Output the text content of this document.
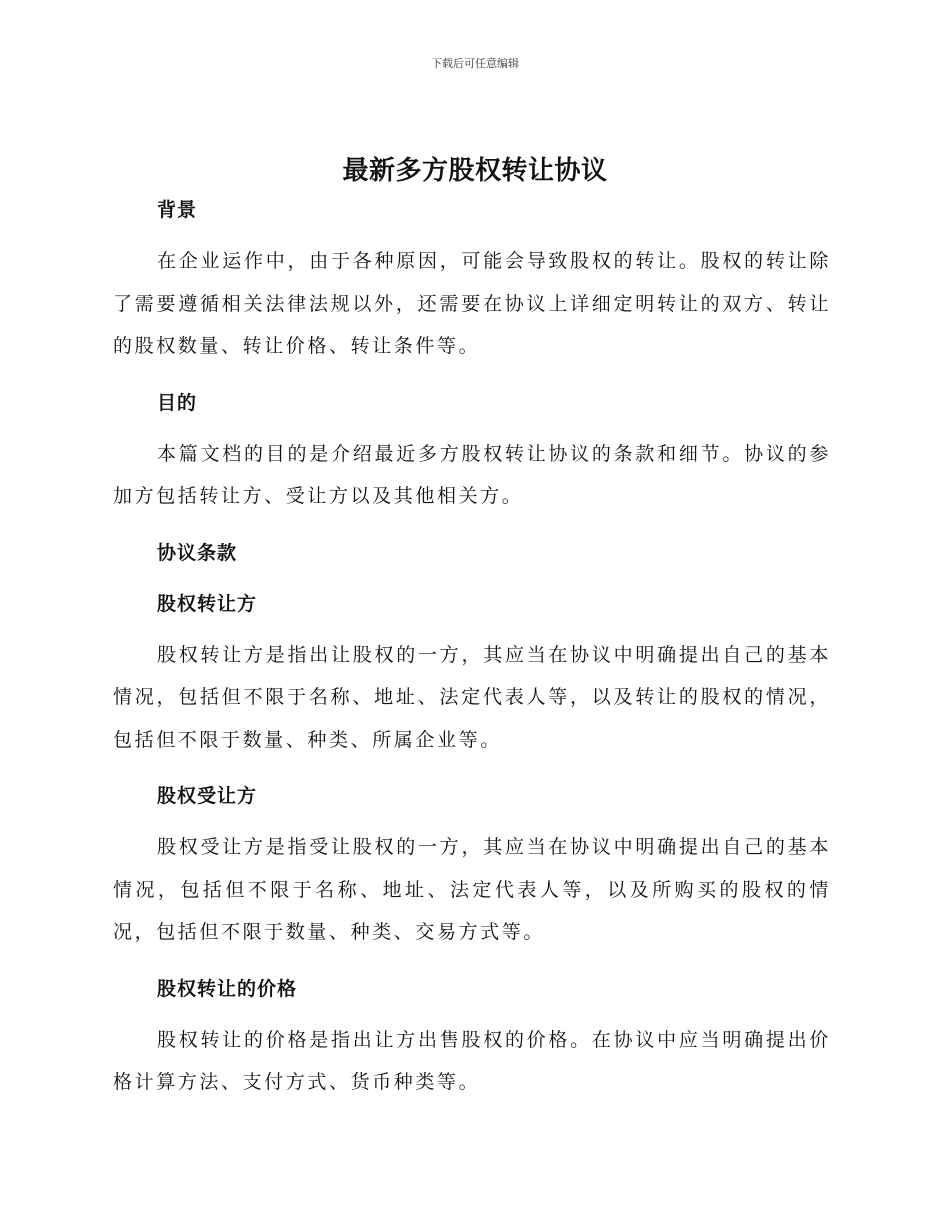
下载后可任意编辑
最新多方股权转让协议
背景

在企业运作中，由于各种原因，可能会导致股权的转让。股权的转让除了需要遵循相关法律法规以外，还需要在协议上详细定明转让的双方、转让的股权数量、转让价格、转让条件等。

目的

本篇文档的目的是介绍最近多方股权转让协议的条款和细节。协议的参加方包括转让方、受让方以及其他相关方。

协议条款
股权转让方

股权转让方是指出让股权的一方，其应当在协议中明确提出自己的基本情况，包括但不限于名称、地址、法定代表人等，以及转让的股权的情况，包括但不限于数量、种类、所属企业等。

股权受让方

股权受让方是指受让股权的一方，其应当在协议中明确提出自己的基本情况，包括但不限于名称、地址、法定代表人等，以及所购买的股权的情况，包括但不限于数量、种类、交易方式等。

股权转让的价格

股权转让的价格是指出让方出售股权的价格。在协议中应当明确提出价格计算方法、支付方式、货币种类等。
